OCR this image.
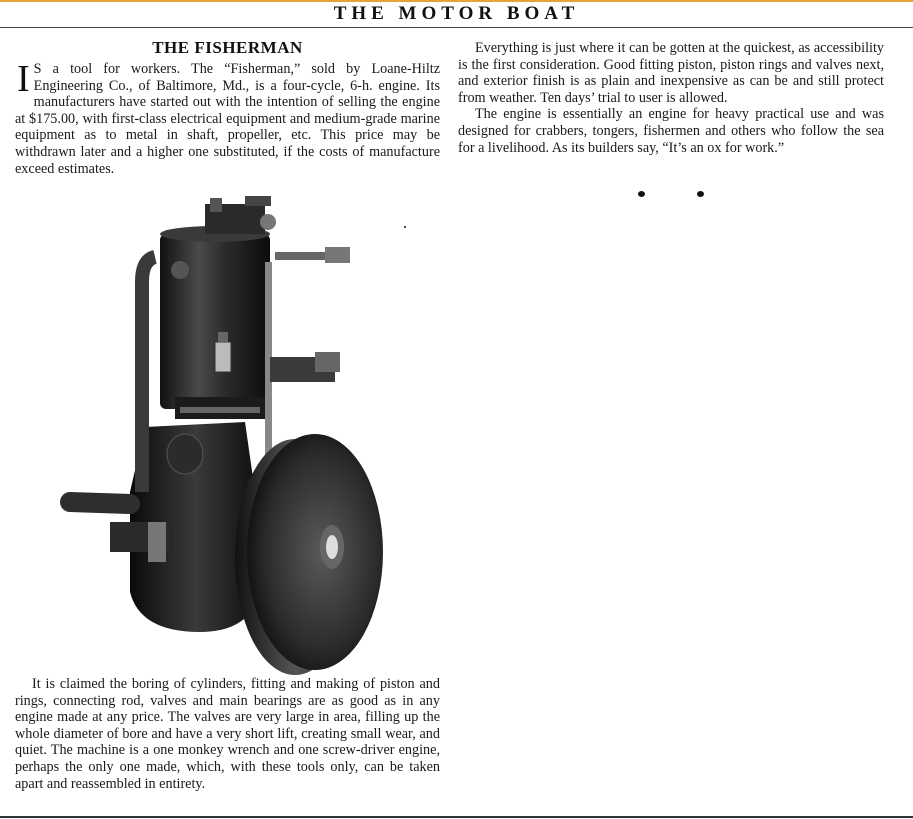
THE MOTOR BOAT
THE FISHERMAN

I S a tool for workers. The “Fisherman,” sold by Loane-Hiltz Engineering Co., of Baltimore, Md., is a four-cycle, 6-h. engine. Its manufacturers have started out with the intention of selling the engine at $175.00, with first-class electrical equipment and medium-grade marine equipment as to metal in shaft, propeller, etc. This price may be withdrawn later and a higher one substituted, if the costs of manufacture exceed estimates.

It is claimed the boring of cylinders, fitting and making of piston and rings, connecting rod, valves and main bearings are as good as in any engine made at any price. The valves are very large in area, filling up the whole diameter of bore and have a very short lift, creating small wear, and quiet. The machine is a one monkey wrench and one screw-driver engine, perhaps the only one made, which, with these tools only, can be taken apart and reassembled in entirety.

Everything is just where it can be gotten at the quickest, as accessibility is the first consideration. Good fitting piston, piston rings and valves next, and exterior finish is as plain and inexpensive as can be and still protect from weather. Ten days’ trial to user is allowed.

The engine is essentially an engine for heavy practical use and was designed for crabbers, tongers, fishermen and others who follow the sea for a livelihood. As its builders say, “It’s an ox for work.”
